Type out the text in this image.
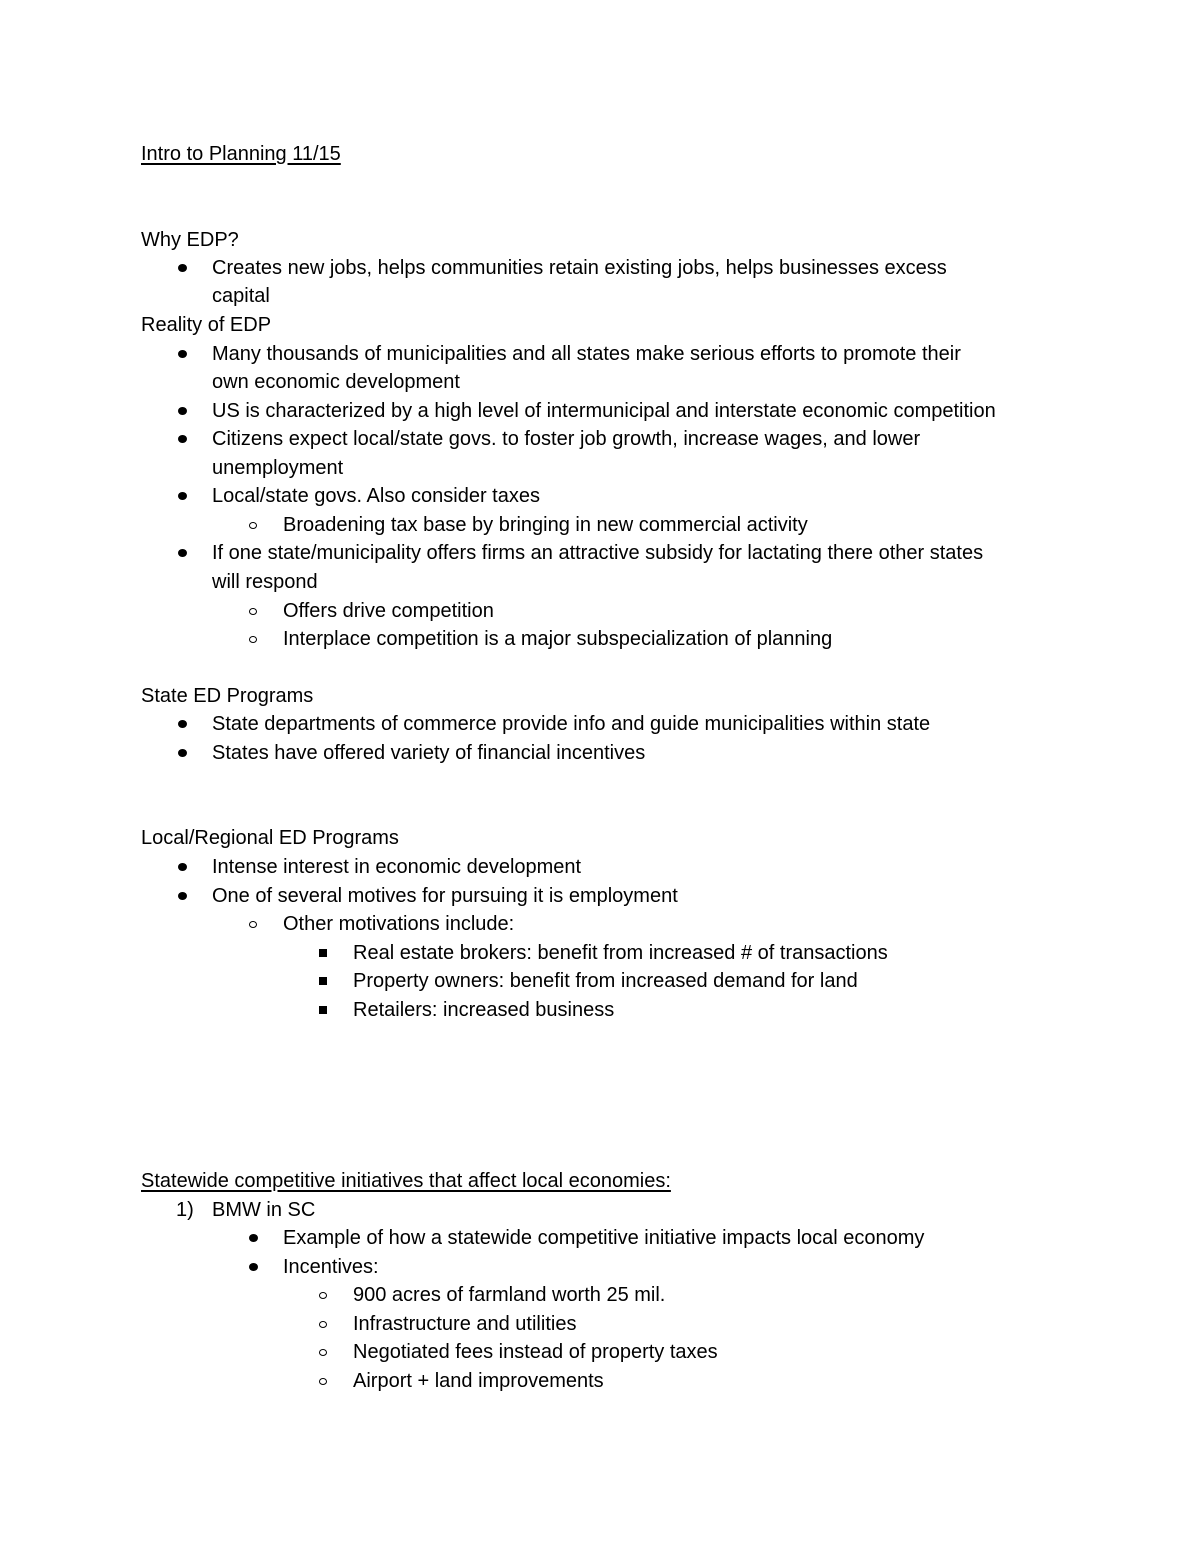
Intro to Planning 11/15
Why EDP?
Creates new jobs, helps communities retain existing jobs, helps businesses excess
capital
Reality of EDP
Many thousands of municipalities and all states make serious efforts to promote their
own economic development
US is characterized by a high level of intermunicipal and interstate economic competition
Citizens expect local/state govs. to foster job growth, increase wages, and lower
unemployment
Local/state govs. Also consider taxes
Broadening tax base by bringing in new commercial activity
If one state/municipality offers firms an attractive subsidy for lactating there other states
will respond
Offers drive competition
Interplace competition is a major subspecialization of planning
State ED Programs
State departments of commerce provide info and guide municipalities within state
States have offered variety of financial incentives
Local/Regional ED Programs
Intense interest in economic development
One of several motives for pursuing it is employment
Other motivations include:
Real estate brokers: benefit from increased # of transactions
Property owners: benefit from increased demand for land
Retailers: increased business
Statewide competitive initiatives that affect local economies:
1) BMW in SC
Example of how a statewide competitive initiative impacts local economy
Incentives:
900 acres of farmland worth 25 mil.
Infrastructure and utilities
Negotiated fees instead of property taxes
Airport + land improvements
